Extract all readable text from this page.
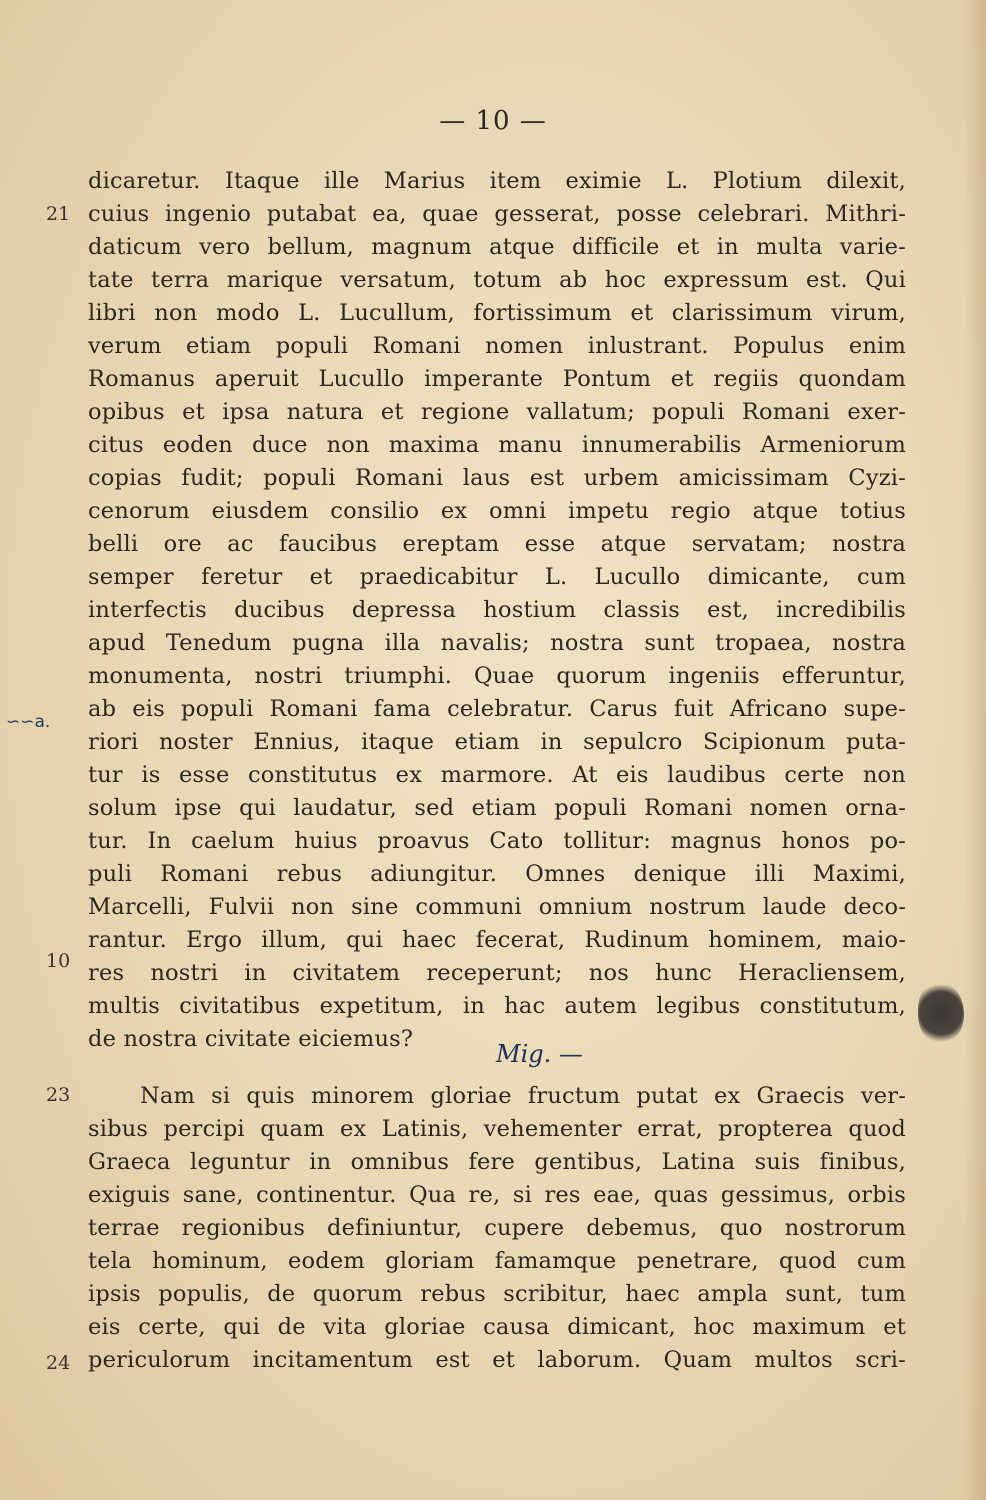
— 10 —
21
10
23
24
∽∽a.
dicaretur. Itaque ille Marius item eximie L. Plotium dilexit,
cuius ingenio putabat ea, quae gesserat, posse celebrari. Mithri-
daticum vero bellum, magnum atque difficile et in multa varie-
tate terra marique versatum, totum ab hoc expressum est. Qui
libri non modo L. Lucullum, fortissimum et clarissimum virum,
verum etiam populi Romani nomen inlustrant. Populus enim
Romanus aperuit Lucullo imperante Pontum et regiis quondam
opibus et ipsa natura et regione vallatum; populi Romani exer-
citus eoden duce non maxima manu innumerabilis Armeniorum
copias fudit; populi Romani laus est urbem amicissimam Cyzi-
cenorum eiusdem consilio ex omni impetu regio atque totius
belli ore ac faucibus ereptam esse atque servatam; nostra
semper feretur et praedicabitur L. Lucullo dimicante, cum
interfectis ducibus depressa hostium classis est, incredibilis
apud Tenedum pugna illa navalis; nostra sunt tropaea, nostra
monumenta, nostri triumphi. Quae quorum ingeniis efferuntur,
ab eis populi Romani fama celebratur. Carus fuit Africano supe-
riori noster Ennius, itaque etiam in sepulcro Scipionum puta-
tur is esse constitutus ex marmore. At eis laudibus certe non
solum ipse qui laudatur, sed etiam populi Romani nomen orna-
tur. In caelum huius proavus Cato tollitur: magnus honos po-
puli Romani rebus adiungitur. Omnes denique illi Maximi,
Marcelli, Fulvii non sine communi omnium nostrum laude deco-
rantur. Ergo illum, qui haec fecerat, Rudinum hominem, maio-
res nostri in civitatem receperunt; nos hunc Heracliensem,
multis civitatibus expetitum, in hac autem legibus constitutum,
de nostra civitate eiciemus?
Mig. —
Nam si quis minorem gloriae fructum putat ex Graecis ver-
sibus percipi quam ex Latinis, vehementer errat, propterea quod
Graeca leguntur in omnibus fere gentibus, Latina suis finibus,
exiguis sane, continentur. Qua re, si res eae, quas gessimus, orbis
terrae regionibus definiuntur, cupere debemus, quo nostrorum
tela hominum, eodem gloriam famamque penetrare, quod cum
ipsis populis, de quorum rebus scribitur, haec ampla sunt, tum
eis certe, qui de vita gloriae causa dimicant, hoc maximum et
periculorum incitamentum est et laborum. Quam multos scri-
